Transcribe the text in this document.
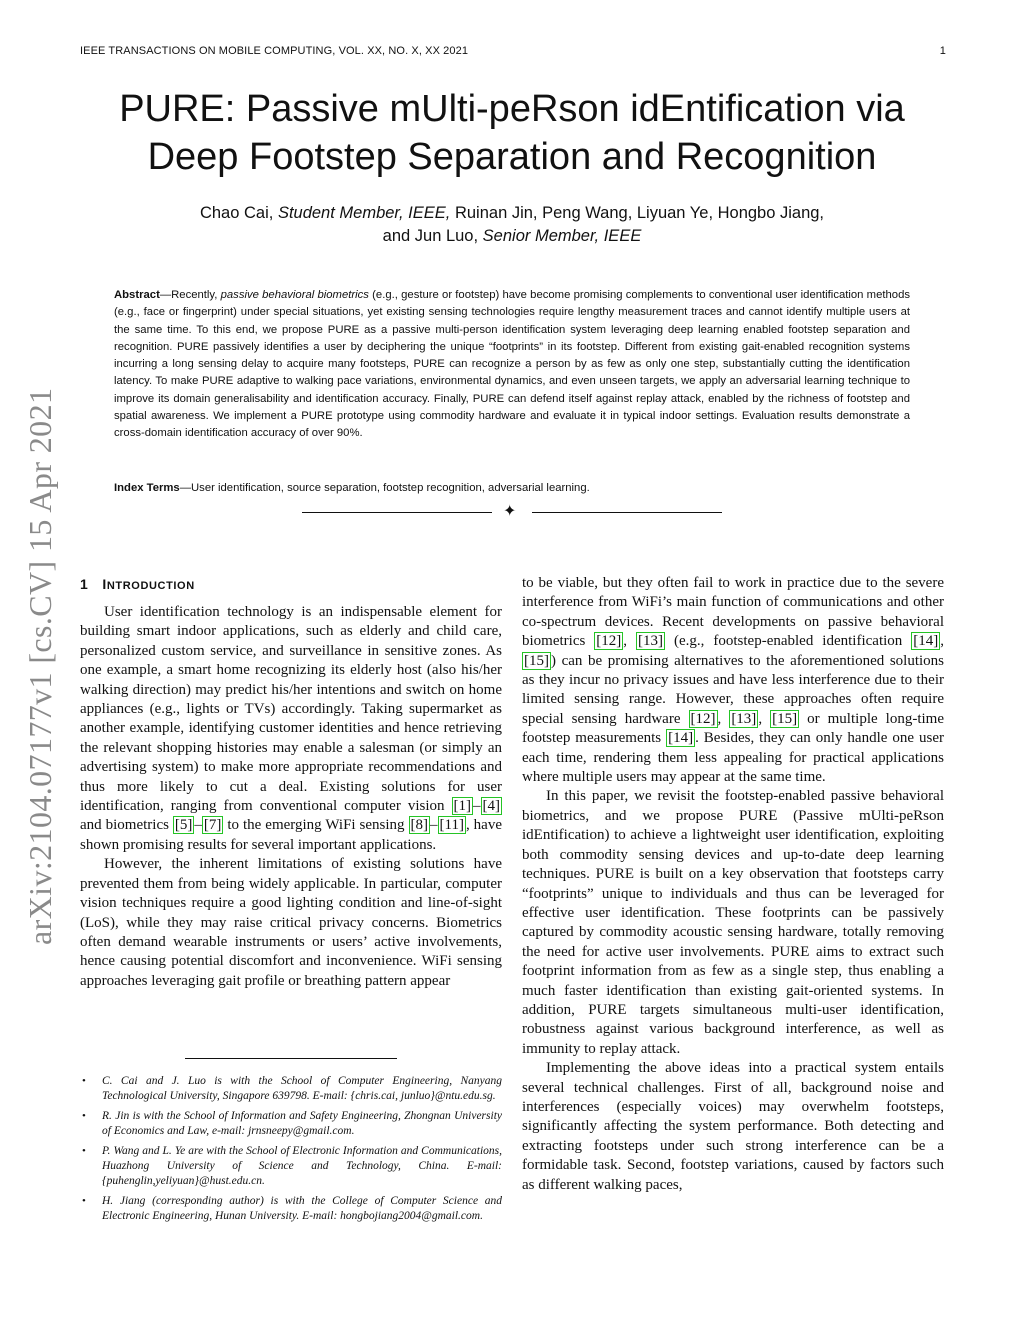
IEEE TRANSACTIONS ON MOBILE COMPUTING, VOL. XX, NO. X, XX 2021	1
arXiv:2104.07177v1 [cs.CV] 15 Apr 2021
PURE: Passive mUlti-peRson idEntification via
Deep Footstep Separation and Recognition
Chao Cai, Student Member, IEEE, Ruinan Jin, Peng Wang, Liyuan Ye, Hongbo Jiang,
and Jun Luo, Senior Member, IEEE

Abstract—Recently, passive behavioral biometrics (e.g., gesture or footstep) have become promising complements to conventional user identification methods (e.g., face or fingerprint) under special situations, yet existing sensing technologies require lengthy measurement traces and cannot identify multiple users at the same time. To this end, we propose PURE as a passive multi-person identification system leveraging deep learning enabled footstep separation and recognition. PURE passively identifies a user by deciphering the unique “footprints” in its footstep. Different from existing gait-enabled recognition systems incurring a long sensing delay to acquire many footsteps, PURE can recognize a person by as few as only one step, substantially cutting the identification latency. To make PURE adaptive to walking pace variations, environmental dynamics, and even unseen targets, we apply an adversarial learning technique to improve its domain generalisability and identification accuracy. Finally, PURE can defend itself against replay attack, enabled by the richness of footstep and spatial awareness. We implement a PURE prototype using commodity hardware and evaluate it in typical indoor settings. Evaluation results demonstrate a cross-domain identification accuracy of over 90%.

Index Terms—User identification, source separation, footstep recognition, adversarial learning.

✦
1 INTRODUCTION

User identification technology is an indispensable element for building smart indoor applications, such as elderly and child care, personalized custom service, and surveillance in sensitive zones. As one example, a smart home recognizing its elderly host (also his/her walking direction) may predict his/her intentions and switch on home appliances (e.g., lights or TVs) accordingly. Taking supermarket as another example, identifying customer identities and hence retrieving the relevant shopping histories may enable a salesman (or simply an advertising system) to make more appropriate recommendations and thus more likely to cut a deal. Existing solutions for user identification, ranging from conventional computer vision [1] – [4] and biometrics [5] – [7] to the emerging WiFi sensing [8] – [11] , have shown promising results for several important applications.

However, the inherent limitations of existing solutions have prevented them from being widely applicable. In particular, computer vision techniques require a good lighting condition and line-of-sight (LoS), while they may raise critical privacy concerns. Biometrics often demand wearable instruments or users’ active involvements, hence causing potential discomfort and inconvenience. WiFi sensing approaches leveraging gait profile or breathing pattern appear

to be viable, but they often fail to work in practice due to the severe interference from WiFi’s main function of communications and other co-spectrum devices. Recent developments on passive behavioral biometrics [12] , [13] (e.g., footstep-enabled identification [14] , [15] ) can be promising alternatives to the aforementioned solutions as they incur no privacy issues and have less interference due to their limited sensing range. However, these approaches often require special sensing hardware [12] , [13] , [15] or multiple long-time footstep measurements [14] . Besides, they can only handle one user each time, rendering them less appealing for practical applications where multiple users may appear at the same time.

In this paper, we revisit the footstep-enabled passive behavioral biometrics, and we propose PURE (Passive mUlti-peRson idEntification) to achieve a lightweight user identification, exploiting both commodity sensing devices and up-to-date deep learning techniques. PURE is built on a key observation that footsteps carry “footprints” unique to individuals and thus can be leveraged for effective user identification. These footprints can be passively captured by commodity acoustic sensing hardware, totally removing the need for active user involvements. PURE aims to extract such footprint information from as few as a single step, thus enabling a much faster identification than existing gait-oriented systems. In addition, PURE targets simultaneous multi-user identification, robustness against various background interference, as well as immunity to replay attack.

Implementing the above ideas into a practical system entails several technical challenges. First of all, background noise and interferences (especially voices) may overwhelm footsteps, significantly affecting the system performance. Both detecting and extracting footsteps under such strong interference can be a formidable task. Second, footstep variations, caused by factors such as different walking paces,

• C. Cai and J. Luo is with the School of Computer Engineering, Nanyang Technological University, Singapore 639798. E-mail: {chris.cai, junluo}@ntu.edu.sg.
• R. Jin is with the School of Information and Safety Engineering, Zhongnan University of Economics and Law, e-mail: jrnsneepy@gmail.com.
• P. Wang and L. Ye are with the School of Electronic Information and Communications, Huazhong University of Science and Technology, China. E-mail: {puhenglin,yeliyuan}@hust.edu.cn.
• H. Jiang (corresponding author) is with the College of Computer Science and Electronic Engineering, Hunan University. E-mail: hongbojiang2004@gmail.com.
